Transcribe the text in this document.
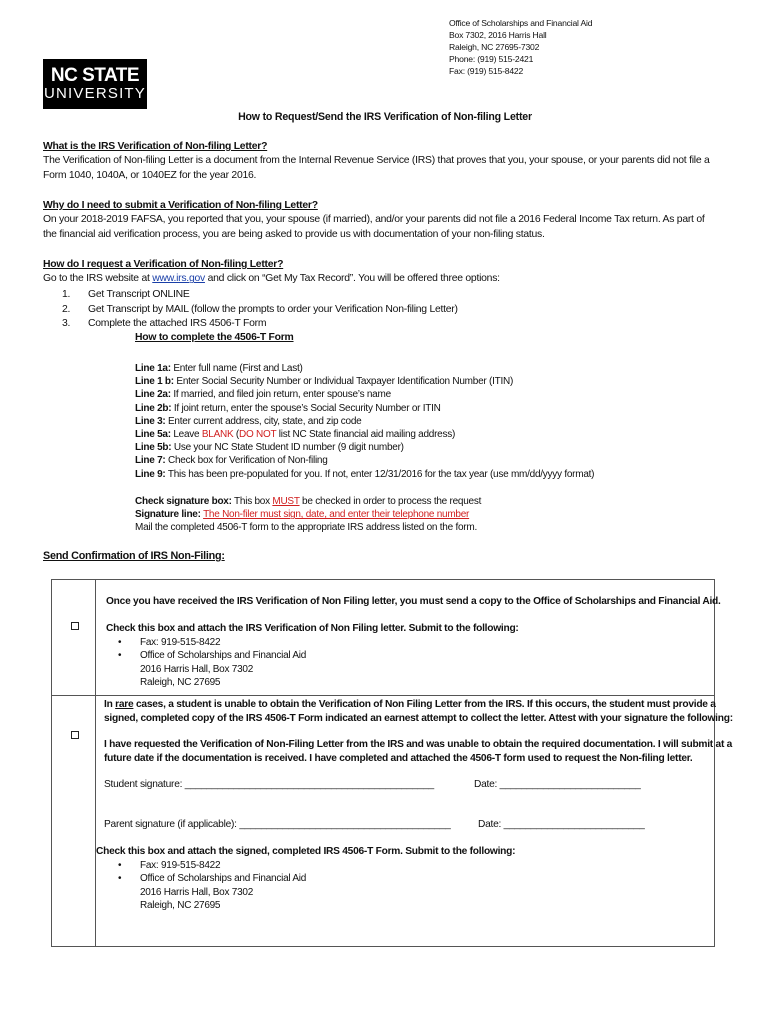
Office of Scholarships and Financial Aid
Box 7302, 2016 Harris Hall
Raleigh, NC 27695-7302
Phone: (919) 515-2421
Fax: (919) 515-8422
NC STATE
UNIVERSITY
How to Request/Send the IRS Verification of Non-filing Letter
What is the IRS Verification of Non-filing Letter?
The Verification of Non-filing Letter is a document from the Internal Revenue Service (IRS) that proves that you, your spouse, or your parents did not file a
Form 1040, 1040A, or 1040EZ for the year 2016.
Why do I need to submit a Verification of Non-filing Letter?
On your 2018-2019 FAFSA, you reported that you, your spouse (if married), and/or your parents did not file a 2016 Federal Income Tax return. As part of
the financial aid verification process, you are being asked to provide us with documentation of your non-filing status.
How do I request a Verification of Non-filing Letter?
Go to the IRS website at www.irs.gov and click on “Get My Tax Record”. You will be offered three options:
1. Get Transcript ONLINE
2. Get Transcript by MAIL (follow the prompts to order your Verification Non-filing Letter)
3. Complete the attached IRS 4506-T Form
How to complete the 4506-T Form
Line 1a: Enter full name (First and Last)
Line 1 b: Enter Social Security Number or Individual Taxpayer Identification Number (ITIN)
Line 2a: If married, and filed join return, enter spouse’s name
Line 2b: If joint return, enter the spouse’s Social Security Number or ITIN
Line 3: Enter current address, city, state, and zip code
Line 5a: Leave BLANK (DO NOT list NC State financial aid mailing address)
Line 5b: Use your NC State Student ID number (9 digit number)
Line 7: Check box for Verification of Non-filing
Line 9: This has been pre-populated for you. If not, enter 12/31/2016 for the tax year (use mm/dd/yyyy format)
Check signature box: This box MUST be checked in order to process the request
Signature line: The Non-filer must sign, date, and enter their telephone number
Mail the completed 4506-T form to the appropriate IRS address listed on the form.
Send Confirmation of IRS Non-Filing:
Once you have received the IRS Verification of Non Filing letter, you must send a copy to the Office of Scholarships and Financial Aid.
Check this box and attach the IRS Verification of Non Filing letter. Submit to the following:
• Fax: 919-515-8422
• Office of Scholarships and Financial Aid
2016 Harris Hall, Box 7302
Raleigh, NC 27695
In rare cases, a student is unable to obtain the Verification of Non Filing Letter from the IRS. If this occurs, the student must provide a
signed, completed copy of the IRS 4506-T Form indicated an earnest attempt to collect the letter. Attest with your signature the following:
I have requested the Verification of Non-Filing Letter from the IRS and was unable to obtain the required documentation. I will submit at a
future date if the documentation is received. I have completed and attached the 4506-T form used to request the Non-filing letter.
Student signature: ______________________________________________	Date: __________________________
Parent signature (if applicable): _______________________________________	Date: __________________________
Check this box and attach the signed, completed IRS 4506-T Form. Submit to the following:
• Fax: 919-515-8422
• Office of Scholarships and Financial Aid
2016 Harris Hall, Box 7302
Raleigh, NC 27695
